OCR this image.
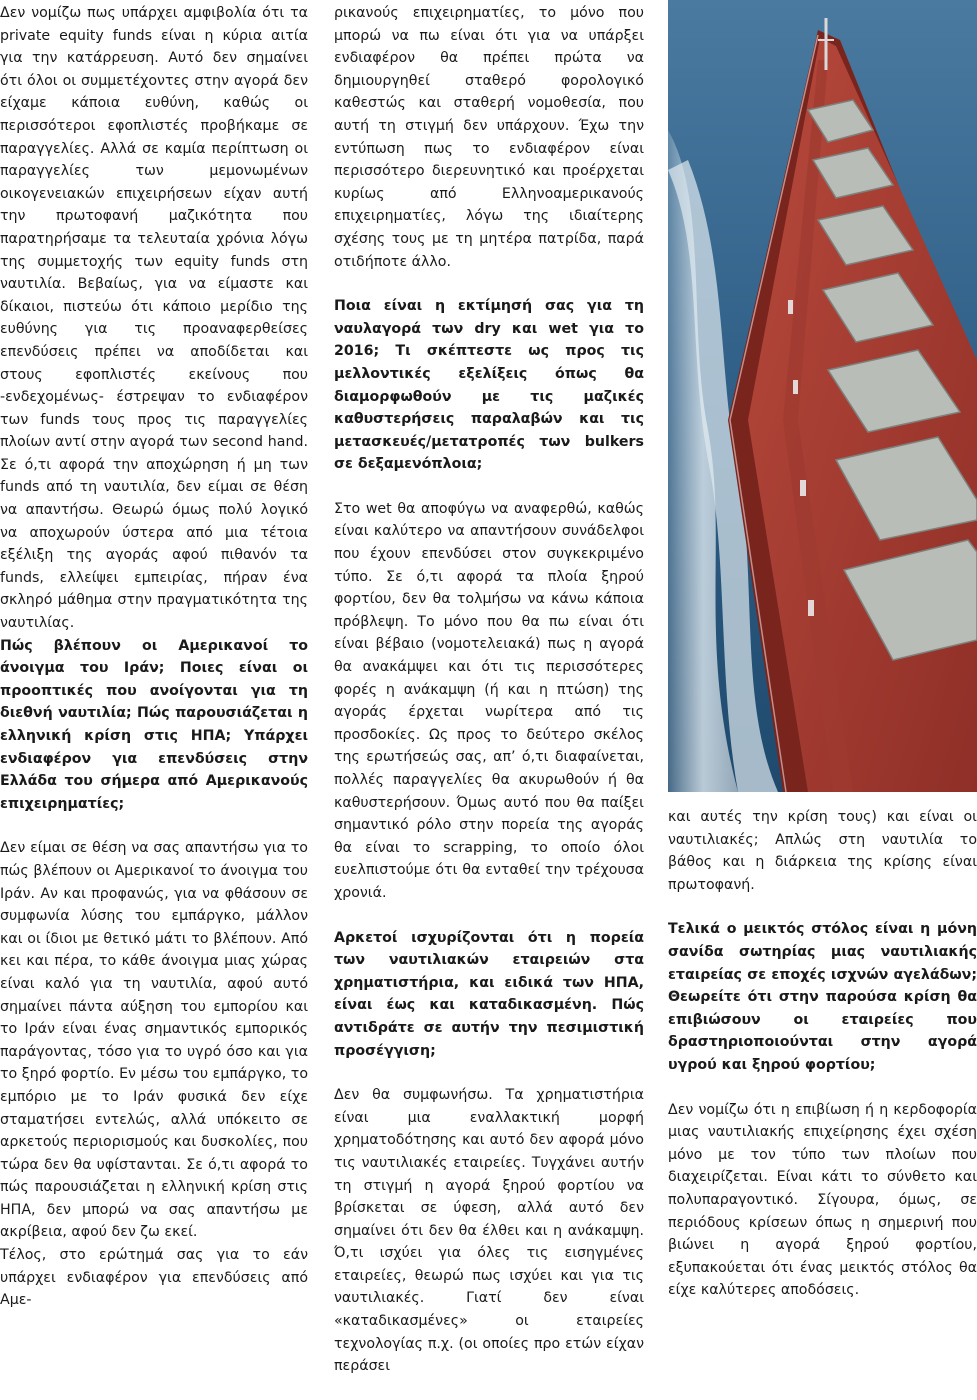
Δεν νομίζω πως υπάρχει αμφιβολία ότι τα private equity funds είναι η κύρια αιτία για την κατάρρευση. Αυτό δεν σημαίνει ότι όλοι οι συμμετέχοντες στην αγορά δεν είχαμε κάποια ευθύνη, καθώς οι περισσότεροι εφοπλιστές προβήκαμε σε παραγγελίες. Αλλά σε καμία περίπτωση οι παραγγελίες των μεμονωμένων οικογενειακών επιχειρήσεων είχαν αυτή την πρωτοφανή μαζικότητα που παρατηρήσαμε τα τελευταία χρόνια λόγω της συμμετοχής των equity funds στη ναυτιλία. Βεβαίως, για να είμαστε και δίκαιοι, πιστεύω ότι κάποιο μερίδιο της ευθύνης για τις προαναφερθείσες επενδύσεις πρέπει να αποδίδεται και στους εφοπλιστές εκείνους που -ενδεχομένως- έστρεψαν το ενδιαφέρον των funds τους προς τις παραγγελίες πλοίων αντί στην αγορά των second hand. Σε ό,τι αφορά την αποχώρηση ή μη των funds από τη ναυτιλία, δεν είμαι σε θέση να απαντήσω. Θεωρώ όμως πολύ λογικό να αποχωρούν ύστερα από μια τέτοια εξέλιξη της αγοράς αφού πιθανόν τα funds, ελλείψει εμπειρίας, πήραν ένα σκληρό μάθημα στην πραγματικότητα της ναυτιλίας.

Πώς βλέπουν οι Αμερικανοί το άνοιγμα του Ιράν; Ποιες είναι οι προοπτικές που ανοίγονται για τη διεθνή ναυτιλία; Πώς παρουσιάζεται η ελληνική κρίση στις ΗΠΑ; Υπάρχει ενδιαφέρον για επενδύσεις στην Ελλάδα του σήμερα από Αμερικανούς επιχειρηματίες;

Δεν είμαι σε θέση να σας απαντήσω για το πώς βλέπουν οι Αμερικανοί το άνοιγμα του Ιράν. Αν και προφανώς, για να φθάσουν σε συμφωνία λύσης του εμπάργκο, μάλλον και οι ίδιοι με θετικό μάτι το βλέπουν. Από κει και πέρα, το κάθε άνοιγμα μιας χώρας είναι καλό για τη ναυτιλία, αφού αυτό σημαίνει πάντα αύξηση του εμπορίου και το Ιράν είναι ένας σημαντικός εμπορικός παράγοντας, τόσο για το υγρό όσο και για το ξηρό φορτίο. Εν μέσω του εμπάργκο, το εμπόριο με το Ιράν φυσικά δεν είχε σταματήσει εντελώς, αλλά υπόκειτο σε αρκετούς περιορισμούς και δυσκολίες, που τώρα δεν θα υφίστανται. Σε ό,τι αφορά το πώς παρουσιάζεται η ελληνική κρίση στις ΗΠΑ, δεν μπορώ να σας απαντήσω με ακρίβεια, αφού δεν ζω εκεί.

Τέλος, στο ερώτημά σας για το εάν υπάρχει ενδιαφέρον για επενδύσεις από Αμε-

ρικανούς επιχειρηματίες, το μόνο που μπορώ να πω είναι ότι για να υπάρξει ενδιαφέρον θα πρέπει πρώτα να δημιουργηθεί σταθερό φορολογικό καθεστώς και σταθερή νομοθεσία, που αυτή τη στιγμή δεν υπάρχουν. Έχω την εντύπωση πως το ενδιαφέρον είναι περισσότερο διερευνητικό και προέρχεται κυρίως από Ελληνοαμερικανούς επιχειρηματίες, λόγω της ιδιαίτερης σχέσης τους με τη μητέρα πατρίδα, παρά οτιδήποτε άλλο.

Ποια είναι η εκτίμησή σας για τη ναυλαγορά των dry και wet για το 2016; Τι σκέπτεστε ως προς τις μελλοντικές εξελίξεις όπως θα διαμορφωθούν με τις μαζικές καθυστερήσεις παραλαβών και τις μετασκευές/μετατροπές των bulkers σε δεξαμενόπλοια;

Στο wet θα αποφύγω να αναφερθώ, καθώς είναι καλύτερο να απαντήσουν συνάδελφοι που έχουν επενδύσει στον συγκεκριμένο τύπο. Σε ό,τι αφορά τα πλοία ξηρού φορτίου, δεν θα τολμήσω να κάνω κάποια πρόβλεψη. Το μόνο που θα πω είναι ότι είναι βέβαιο (νομοτελειακά) πως η αγορά θα ανακάμψει και ότι τις περισσότερες φορές η ανάκαμψη (ή και η πτώση) της αγοράς έρχεται νωρίτερα από τις προσδοκίες. Ως προς το δεύτερο σκέλος της ερωτήσεώς σας, απ’ ό,τι διαφαίνεται, πολλές παραγγελίες θα ακυρωθούν ή θα καθυστερήσουν. Όμως αυτό που θα παίξει σημαντικό ρόλο στην πορεία της αγοράς θα είναι το scrapping, το οποίο όλοι ευελπιστούμε ότι θα ενταθεί την τρέχουσα χρονιά.

Αρκετοί ισχυρίζονται ότι η πορεία των ναυτιλιακών εταιρειών στα χρηματιστήρια, και ειδικά των ΗΠΑ, είναι έως και καταδικασμένη. Πώς αντιδράτε σε αυτήν την πεσιμιστική προσέγγιση;

Δεν θα συμφωνήσω. Τα χρηματιστήρια είναι μια εναλλακτική μορφή χρηματοδότησης και αυτό δεν αφορά μόνο τις ναυτιλιακές εταιρείες. Τυγχάνει αυτήν τη στιγμή η αγορά ξηρού φορτίου να βρίσκεται σε ύφεση, αλλά αυτό δεν σημαίνει ότι δεν θα έλθει και η ανάκαμψη. Ό,τι ισχύει για όλες τις εισηγμένες εταιρείες, θεωρώ πως ισχύει και για τις ναυτιλιακές. Γιατί δεν είναι «καταδικασμένες» οι εταιρείες τεχνολογίας π.χ. (οι οποίες προ ετών είχαν περάσει

και αυτές την κρίση τους) και είναι οι ναυτιλιακές; Απλώς στη ναυτιλία το βάθος και η διάρκεια της κρίσης είναι πρωτοφανή.

Τελικά ο μεικτός στόλος είναι η μόνη σανίδα σωτηρίας μιας ναυτιλιακής εταιρείας σε εποχές ισχνών αγελάδων; Θεωρείτε ότι στην παρούσα κρίση θα επιβιώσουν οι εταιρείες που δραστηριοποιούνται στην αγορά υγρού και ξηρού φορτίου;

Δεν νομίζω ότι η επιβίωση ή η κερδοφορία μιας ναυτιλιακής επιχείρησης έχει σχέση μόνο με τον τύπο των πλοίων που διαχειρίζεται. Είναι κάτι το σύνθετο και πολυπαραγοντικό. Σίγουρα, όμως, σε περιόδους κρίσεων όπως η σημερινή που βιώνει η αγορά ξηρού φορτίου, εξυπακούεται ότι ένας μεικτός στόλος θα είχε καλύτερες αποδόσεις.
